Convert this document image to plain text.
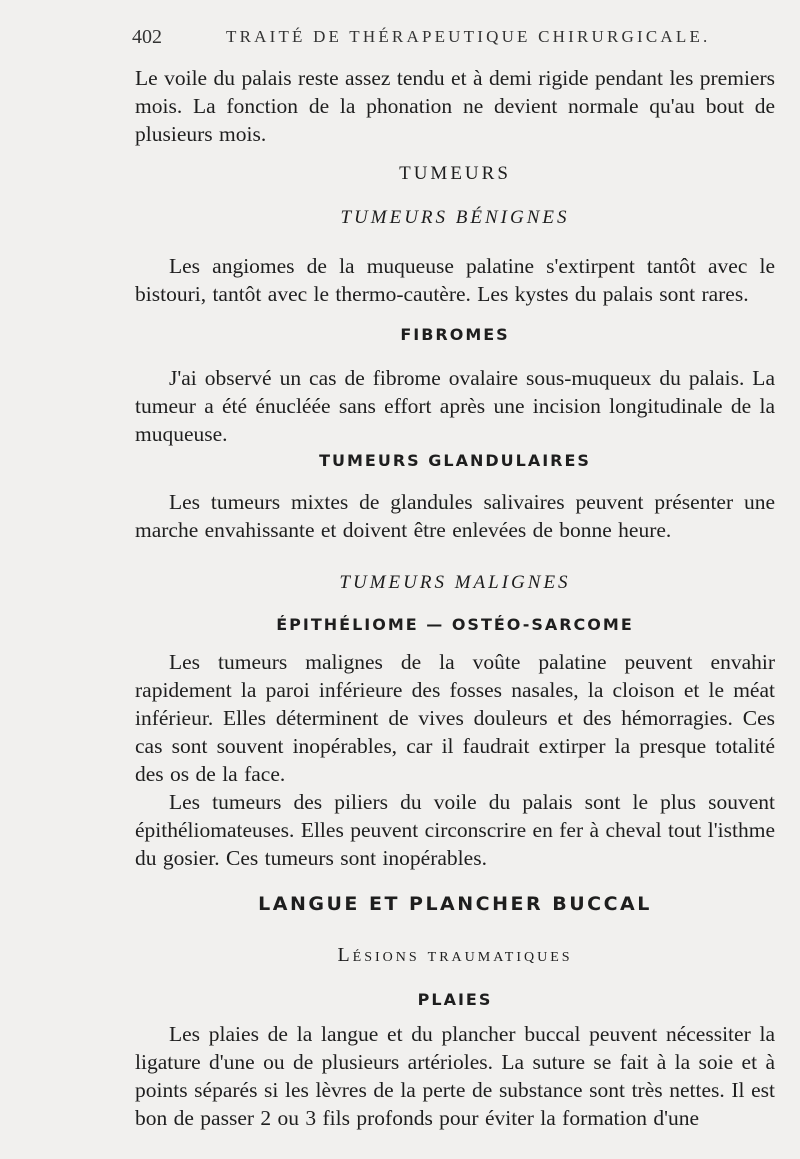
402	TRAITÉ DE THÉRAPEUTIQUE CHIRURGICALE.

Le voile du palais reste assez tendu et à demi rigide pendant les premiers mois. La fonction de la phonation ne devient normale qu'au bout de plusieurs mois.

TUMEURS
TUMEURS BÉNIGNES

Les angiomes de la muqueuse palatine s'extirpent tantôt avec le bistouri, tantôt avec le thermo-cautère. Les kystes du palais sont rares.

FIBROMES

J'ai observé un cas de fibrome ovalaire sous-muqueux du palais. La tumeur a été énucléée sans effort après une incision longitudinale de la muqueuse.

TUMEURS GLANDULAIRES

Les tumeurs mixtes de glandules salivaires peuvent présenter une marche envahissante et doivent être enlevées de bonne heure.

TUMEURS MALIGNES
ÉPITHÉLIOME — OSTÉO-SARCOME

Les tumeurs malignes de la voûte palatine peuvent envahir rapidement la paroi inférieure des fosses nasales, la cloison et le méat inférieur. Elles déterminent de vives douleurs et des hémorragies. Ces cas sont souvent inopérables, car il faudrait extirper la presque totalité des os de la face.

Les tumeurs des piliers du voile du palais sont le plus souvent épithéliomateuses. Elles peuvent circonscrire en fer à cheval tout l'isthme du gosier. Ces tumeurs sont inopérables.

LANGUE ET PLANCHER BUCCAL
Lésions traumatiques
PLAIES

Les plaies de la langue et du plancher buccal peuvent nécessiter la ligature d'une ou de plusieurs artérioles. La suture se fait à la soie et à points séparés si les lèvres de la perte de substance sont très nettes. Il est bon de passer 2 ou 3 fils profonds pour éviter la formation d'une
